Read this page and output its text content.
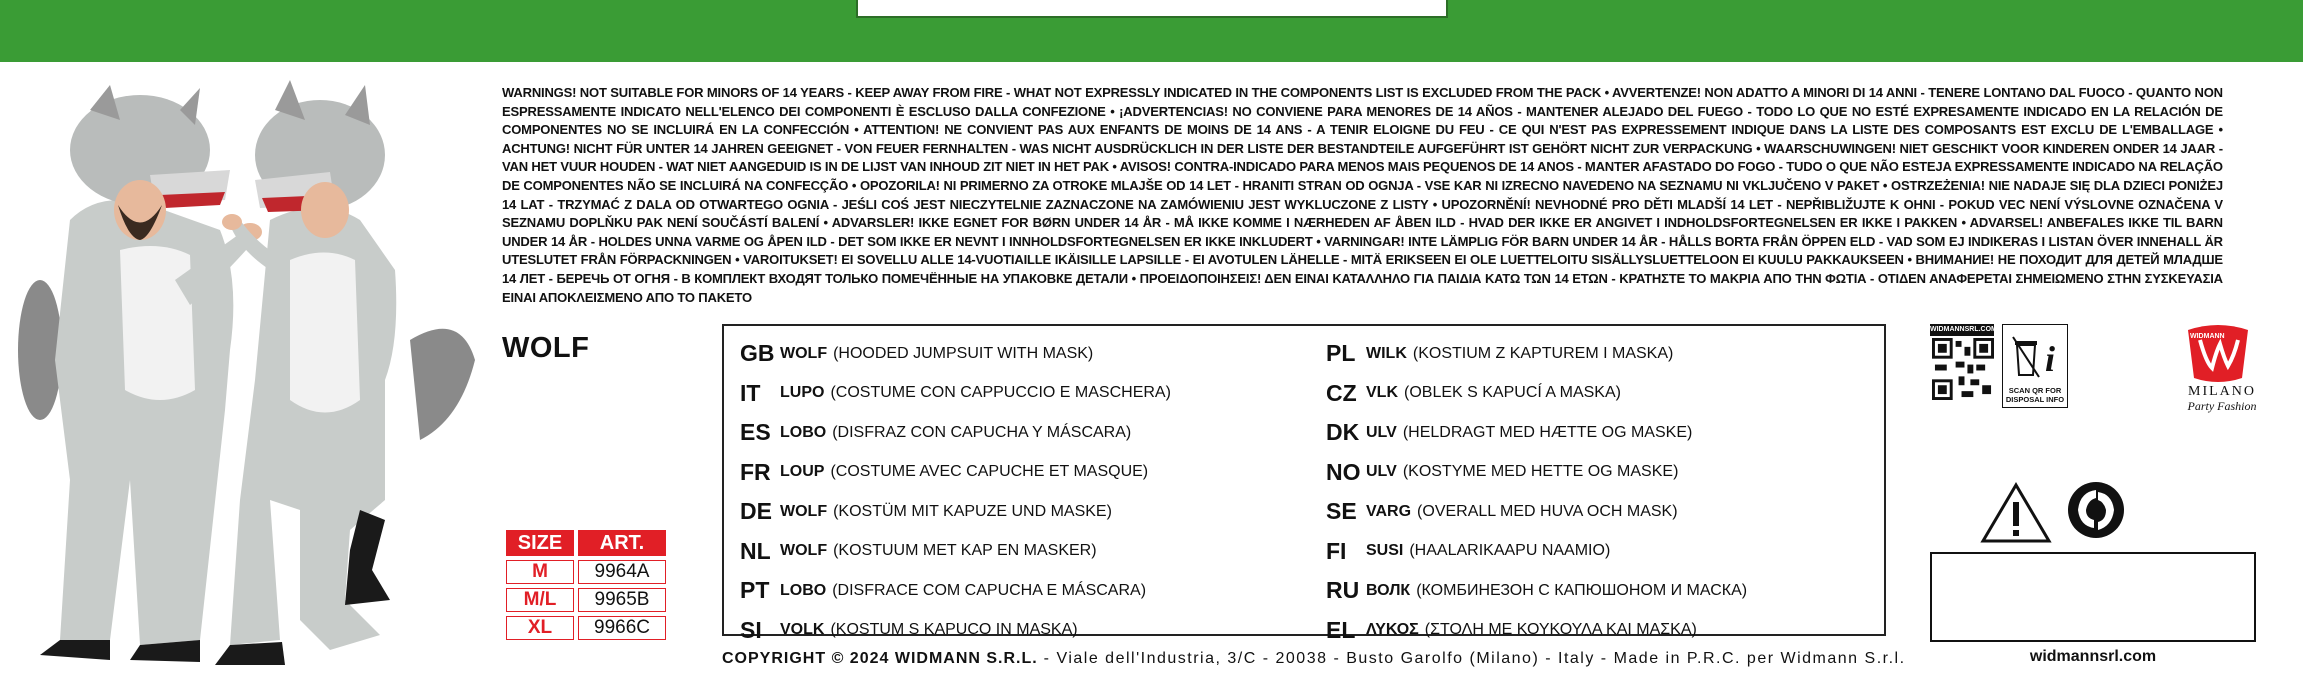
WARNINGS! NOT SUITABLE FOR MINORS OF 14 YEARS - KEEP AWAY FROM FIRE - WHAT NOT EXPRESSLY INDICATED IN THE COMPONENTS LIST IS EXCLUDED FROM THE PACK • AVVERTENZE! NON ADATTO A MINORI DI 14 ANNI - TENERE LONTANO DAL FUOCO - QUANTO NON ESPRESSAMENTE INDICATO NELL'ELENCO DEI COMPONENTI È ESCLUSO DALLA CONFEZIONE • ¡ADVERTENCIAS! NO CONVIENE PARA MENORES DE 14 AÑOS - MANTENER ALEJADO DEL FUEGO - TODO LO QUE NO ESTÉ EXPRESAMENTE INDICADO EN LA RELACIÓN DE COMPONENTES NO SE INCLUIRÁ EN LA CONFECCIÓN • ATTENTION! NE CONVIENT PAS AUX ENFANTS DE MOINS DE 14 ANS - A TENIR ELOIGNE DU FEU - CE QUI N'EST PAS EXPRESSEMENT INDIQUE DANS LA LISTE DES COMPOSANTS EST EXCLU DE L'EMBALLAGE • ACHTUNG! NICHT FÜR UNTER 14 JAHREN GEEIGNET - VON FEUER FERNHALTEN - WAS NICHT AUSDRÜCKLICH IN DER LISTE DER BESTANDTEILE AUFGEFÜHRT IST GEHÖRT NICHT ZUR VERPACKUNG • WAARSCHUWINGEN! NIET GESCHIKT VOOR KINDEREN ONDER 14 JAAR - VAN HET VUUR HOUDEN - WAT NIET AANGEDUID IS IN DE LIJST VAN INHOUD ZIT NIET IN HET PAK • AVISOS! CONTRA-INDICADO PARA MENOS MAIS PEQUENOS DE 14 ANOS - MANTER AFASTADO DO FOGO - TUDO O QUE NÃO ESTEJA EXPRESSAMENTE INDICADO NA RELAÇÃO DE COMPONENTES NÃO SE INCLUIRÁ NA CONFECÇÃO • OPOZORILA! NI PRIMERNO ZA OTROKE MLAJŠE OD 14 LET - HRANITI STRAN OD OGNJA - VSE KAR NI IZRECNO NAVEDENO NA SEZNAMU NI VKLJUČENO V PAKET • OSTRZEŻENIA! NIE NADAJE SIĘ DLA DZIECI PONIŻEJ 14 LAT - TRZYMAĆ Z DALA OD OTWARTEGO OGNIA - JEŚLI COŚ JEST NIECZYTELNIE ZAZNACZONE NA ZAMÓWIENIU JEST WYKLUCZONE Z LISTY • UPOZORNĚNÍ! NEVHODNÉ PRO DĚTI MLADŠÍ 14 LET - NEPŘIBLIŽUJTE K OHNI - POKUD VEC NENÍ VÝSLOVNE OZNAČENA V SEZNAMU DOPLŇKU PAK NENÍ SOUČÁSTÍ BALENÍ • ADVARSLER! IKKE EGNET FOR BØRN UNDER 14 ÅR - MÅ IKKE KOMME I NÆRHEDEN AF ÅBEN ILD - HVAD DER IKKE ER ANGIVET I INDHOLDSFORTEGNELSEN ER IKKE I PAKKEN • ADVARSEL! ANBEFALES IKKE TIL BARN UNDER 14 ÅR - HOLDES UNNA VARME OG ÅPEN ILD - DET SOM IKKE ER NEVNT I INNHOLDSFORTEGNELSEN ER IKKE INKLUDERT • VARNINGAR! INTE LÄMPLIG FÖR BARN UNDER 14 ÅR - HÅLLS BORTA FRÅN ÖPPEN ELD - VAD SOM EJ INDIKERAS I LISTAN ÖVER INNEHALL ÄR UTESLUTET FRÅN FÖRPACKNINGEN • VAROITUKSET! EI SOVELLU ALLE 14-VUOTIAILLE IKÄISILLE LAPSILLE - EI AVOTULEN LÄHELLE - MITÄ ERIKSEEN EI OLE LUETTELOITU SISÄLLYSLUETTELOON EI KUULU PAKKAUKSEEN • ВНИМАНИЕ! НЕ ПОХОДИТ ДЛЯ ДЕТЕЙ МЛАДШЕ 14 ЛЕТ - БЕРЕЧЬ ОТ ОГНЯ - В КОМПЛЕКТ ВХОДЯТ ТОЛЬКО ПОМЕЧЁННЫЕ НА УПАКОВКЕ ДЕТАЛИ • ΠΡΟΕΙΔΟΠΟΙΗΣΕΙΣ! ΔΕΝ ΕΙΝΑΙ ΚΑΤΑΛΛΗΛΟ ΓΙΑ ΠΑΙΔΙΑ ΚΑΤΩ ΤΩΝ 14 ΕΤΩΝ - ΚΡΑΤΗΣΤΕ ΤΟ ΜΑΚΡΙΑ ΑΠΟ ΤΗΝ ΦΩΤΙΑ - ΟΤΙΔΕΝ ΑΝΑΦΕΡΕΤΑΙ ΣΗΜΕΙΩΜΕΝΟ ΣΤΗΝ ΣΥΣΚΕΥΑΣΙΑ ΕΙΝΑΙ ΑΠΟΚΛΕΙΣΜΕΝΟ ΑΠΟ ΤΟ ΠΑΚΕΤΟ
WOLF
SIZE	ART.
M	9964A
M/L	9965B
XL	9966C
GB WOLF (HOODED JUMPSUIT WITH MASK)
IT	LUPO (COSTUME CON CAPPUCCIO E MASCHERA)
ES LOBO (DISFRAZ CON CAPUCHA Y MÁSCARA)
FR LOUP (COSTUME AVEC CAPUCHE ET MASQUE)
DE WOLF (KOSTÜM MIT KAPUZE UND MASKE)
NL WOLF (KOSTUUM MET KAP EN MASKER)
PT LOBO (DISFRACE COM CAPUCHA E MÁSCARA)
SI	VOLK (KOSTUM S KAPUCO IN MASKA)
PL WILK (KOSTIUM Z KAPTUREM I MASKA)
CZ VLK (OBLEK S KAPUCÍ A MASKA)
DK ULV (HELDRAGT MED HÆTTE OG MASKE)
NO ULV (KOSTYME MED HETTE OG MASKE)
SE VARG (OVERALL MED HUVA OCH MASK)
FI	SUSI (HAALARIKAAPU NAAMIO)
RU ВОЛК (КОМБИНЕЗОН С КАПЮШОНОМ И МАСКА)
EL ΛΥΚΟΣ (ΣΤΟΛΗ ΜΕ ΚΟΥΚΟΥΛΑ ΚΑΙ ΜΑΣΚΑ)
COPYRIGHT © 2024 WIDMANN S.R.L. - Viale dell'Industria, 3/C - 20038 - Busto Garolfo (Milano) - Italy - Made in P.R.C. per Widmann S.r.l.
WIDMANNSRL.COM
i
SCAN QR FOR
DISPOSAL INFO
WIDMANN
MILANO
Party Fashion
widmannsrl.com
